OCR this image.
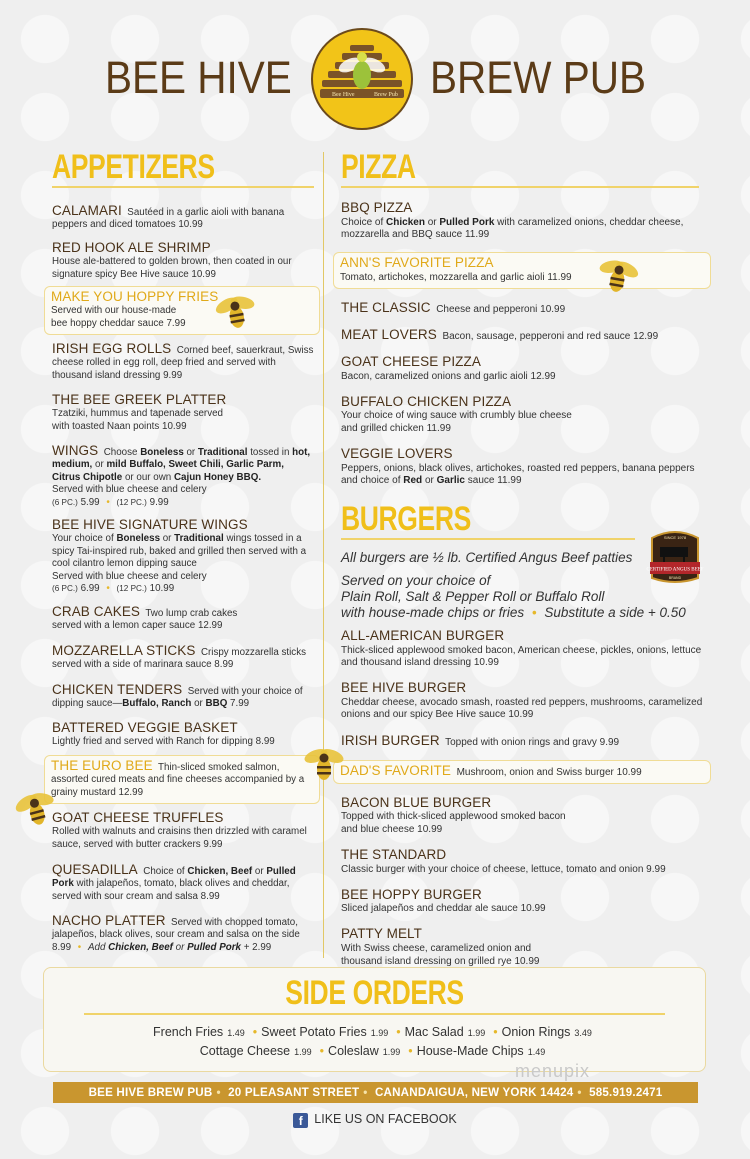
BEE HIVE	Bee Hive	Brew Pub BREW PUB
APPETIZERS
CALAMARI Sautéed in a garlic aioli with banana peppers and diced tomatoes 10.99
RED HOOK ALE SHRIMP
House ale-battered to golden brown, then coated in our signature spicy Bee Hive sauce 10.99
MAKE YOU HOPPY FRIES
Served with our house-made
bee hoppy cheddar sauce 7.99
IRISH EGG ROLLS Corned beef, sauerkraut, Swiss cheese rolled in egg roll, deep fried and served with thousand island dressing 9.99
THE BEE GREEK PLATTER
Tzatziki, hummus and tapenade served
with toasted Naan points 10.99
WINGS Choose Boneless or Traditional tossed in hot, medium, or mild Buffalo, Sweet Chili, Garlic Parm, Citrus Chipotle or our own Cajun Honey BBQ.
Served with blue cheese and celery
(6 PC.) 5.99 • (12 PC.) 9.99
BEE HIVE SIGNATURE WINGS
Your choice of Boneless or Traditional wings tossed in a spicy Tai-inspired rub, baked and grilled then served with a cool cilantro lemon dipping sauce
Served with blue cheese and celery
(6 PC.) 6.99 • (12 PC.) 10.99
CRAB CAKES Two lump crab cakes
served with a lemon caper sauce 12.99
MOZZARELLA STICKS Crispy mozzarella sticks served with a side of marinara sauce 8.99
CHICKEN TENDERS Served with your choice of dipping sauce—Buffalo, Ranch or BBQ 7.99
BATTERED VEGGIE BASKET
Lightly fried and served with Ranch for dipping 8.99
THE EURO BEE Thin-sliced smoked salmon, assorted cured meats and fine cheeses accompanied by a grainy mustard 12.99
GOAT CHEESE TRUFFLES
Rolled with walnuts and craisins then drizzled with caramel sauce, served with butter crackers 9.99
QUESADILLA Choice of Chicken, Beef or Pulled Pork with jalapeños, tomato, black olives and cheddar, served with sour cream and salsa 8.99
NACHO PLATTER Served with chopped tomato, jalapeños, black olives, sour cream and salsa on the side 8.99 • Add Chicken, Beef or Pulled Pork + 2.99
PIZZA
BBQ PIZZA
Choice of Chicken or Pulled Pork with caramelized onions, cheddar cheese, mozzarella and BBQ sauce 11.99
ANN'S FAVORITE PIZZA
Tomato, artichokes, mozzarella and garlic aioli 11.99
THE CLASSIC Cheese and pepperoni 10.99
MEAT LOVERS Bacon, sausage, pepperoni and red sauce 12.99
GOAT CHEESE PIZZA
Bacon, caramelized onions and garlic aioli 12.99
BUFFALO CHICKEN PIZZA
Your choice of wing sauce with crumbly blue cheese
and grilled chicken 11.99
VEGGIE LOVERS
Peppers, onions, black olives, artichokes, roasted red peppers, banana peppers and choice of Red or Garlic sauce 11.99
BURGERS
All burgers are ½ lb. Certified Angus Beef patties
Served on your choice of
Plain Roll, Salt & Pepper Roll or Buffalo Roll
with house-made chips or fries • Substitute a side + 0.50
ALL-AMERICAN BURGER
Thick-sliced applewood smoked bacon, American cheese, pickles, onions, lettuce and thousand island dressing 10.99
BEE HIVE BURGER
Cheddar cheese, avocado smash, roasted red peppers, mushrooms, caramelized onions and our spicy Bee Hive sauce 10.99
IRISH BURGER Topped with onion rings and gravy 9.99
DAD'S FAVORITE Mushroom, onion and Swiss burger 10.99
BACON BLUE BURGER
Topped with thick-sliced applewood smoked bacon
and blue cheese 10.99
THE STANDARD
Classic burger with your choice of cheese, lettuce, tomato and onion 9.99
BEE HOPPY BURGER
Sliced jalapeños and cheddar ale sauce 10.99
PATTY MELT
With Swiss cheese, caramelized onion and
thousand island dressing on grilled rye 10.99
SINCE 1978
CERTIFIED ANGUS BEEF
BRAND
SIDE ORDERS
French Fries 1.49 • Sweet Potato Fries 1.99 • Mac Salad 1.99 • Onion Rings 3.49
Cottage Cheese 1.99 • Coleslaw 1.99 • House-Made Chips 1.49
menupix
BEE HIVE BREW PUB • 20 PLEASANT STREET • CANANDAIGUA, NEW YORK 14424 • 585.919.2471
f LIKE US ON FACEBOOK
